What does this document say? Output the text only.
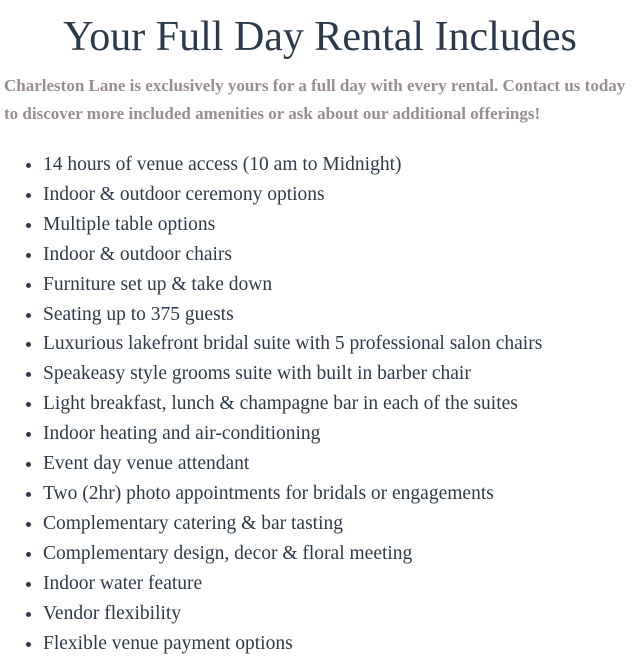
Your Full Day Rental Includes

Charleston Lane is exclusively yours for a full day with every rental. Contact us today to discover more included amenities or ask about our additional offerings!

14 hours of venue access (10 am to Midnight)
Indoor & outdoor ceremony options
Multiple table options
Indoor & outdoor chairs
Furniture set up & take down
Seating up to 375 guests
Luxurious lakefront bridal suite with 5 professional salon chairs
Speakeasy style grooms suite with built in barber chair
Light breakfast, lunch & champagne bar in each of the suites
Indoor heating and air-conditioning
Event day venue attendant
Two (2hr) photo appointments for bridals or engagements
Complementary catering & bar tasting
Complementary design, decor & floral meeting
Indoor water feature
Vendor flexibility
Flexible venue payment options
